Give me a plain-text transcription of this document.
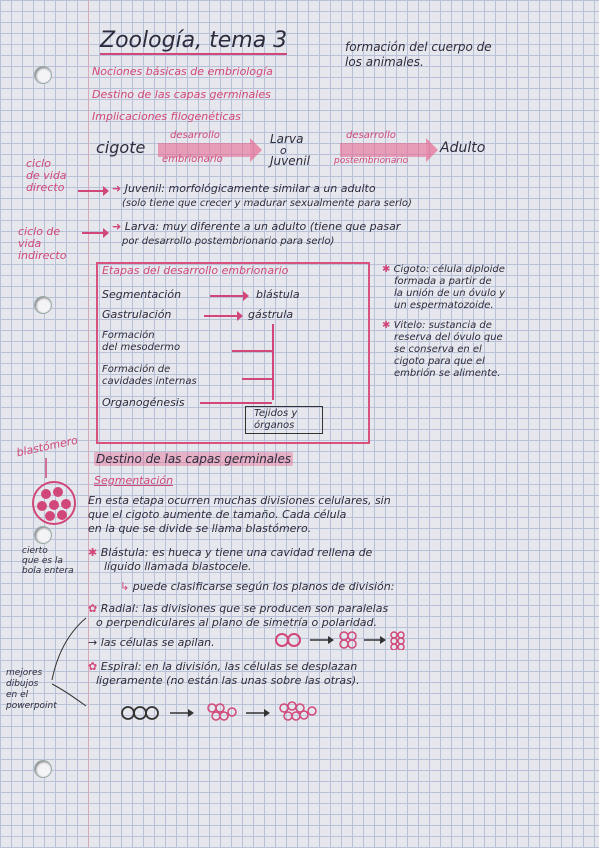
Zoología, tema 3	formación del cuerpo de
los animales.
Nociones básicas de embriología
Destino de las capas germinales
Implicaciones filogenéticas
cigote
desarrollo
embrionario
Larva
o
Juvenil
desarrollo
postembrionario
Adulto
ciclo
de vida
directo	➜ Juvenil: morfológicamente similar a un adulto
(solo tiene que crecer y madurar sexualmente para serlo)
ciclo de
vida
indirecto
➜ Larva: muy diferente a un adulto (tiene que pasar
por desarrollo postembrionario para serlo)
Etapas del desarrollo embrionario
Segmentación	blástula
Gastrulación	gástrula
Formación
del mesodermo
Formación de
cavidades internas
Organogénesis
Tejidos y
órganos
✱ Cigoto: célula diploide
formada a partir de
la unión de un óvulo y
un espermatozoide.
✱ Vitelo: sustancia de
reserva del óvulo que
se conserva en el
cigoto para que el
embrión se alimente.
blastómero Destino de las capas germinales
Segmentación
En esta etapa ocurren muchas divisiones celulares, sin
que el cigoto aumente de tamaño. Cada célula
en la que se divide se llama blastómero.
cierto
que es la
bola entera
✱ Blástula: es hueca y tiene una cavidad rellena de
líquido llamada blastocele.
↳ puede clasificarse según los planos de división:
✿ Radial: las divisiones que se producen son paralelas
o perpendiculares al plano de simetría o polaridad.
→ las células se apilan.
✿ Espiral: en la división, las células se desplazan
ligeramente (no están las unas sobre las otras).
mejores
dibujos
en el
powerpoint
